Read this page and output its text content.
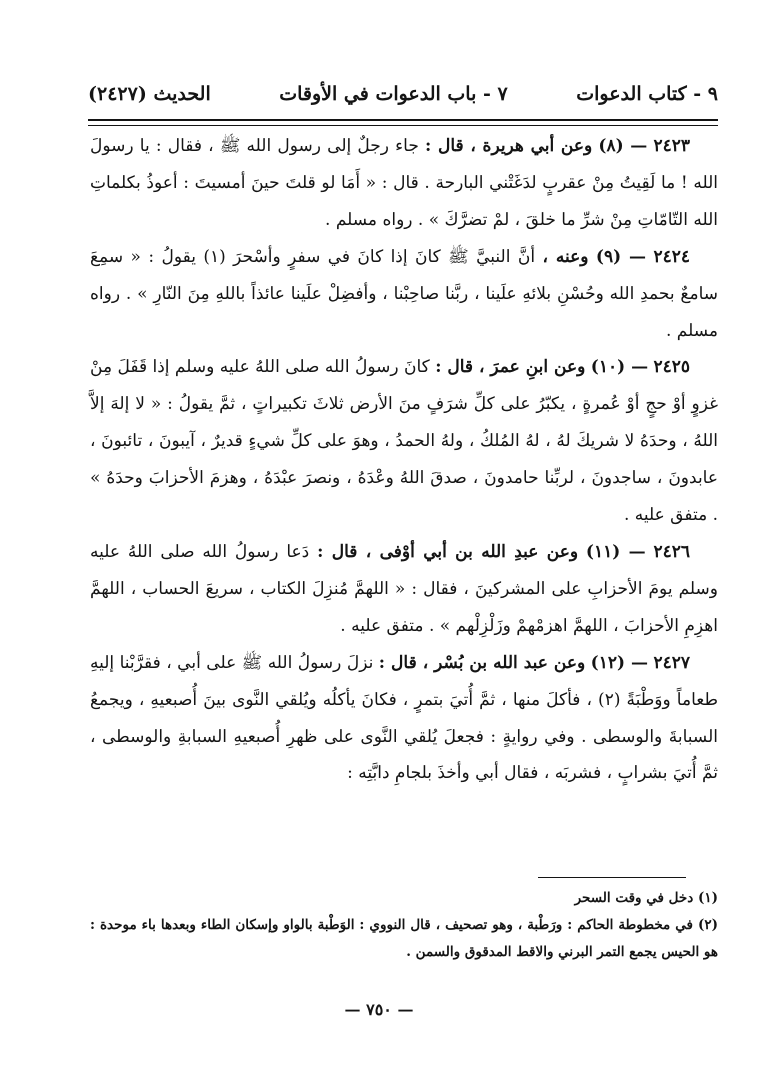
٩ - كتاب الدعوات
٧ - باب الدعوات في الأوقات
الحديث (٢٤٢٧)

٢٤٢٣ — (٨) وعن أبي هريرة ، قال : جاء رجلٌ إلى رسول الله ﷺ ، فقال : يا رسولَ الله ! ما لَقِيتُ مِنْ عقربٍ لدَغَتْني البارحة . قال : « أَمَا لو قلتَ حينَ أمسيتَ : أعوذُ بكلماتِ الله التّامّاتِ مِنْ شرِّ ما خلقَ ، لمْ تضرَّكَ » . رواه مسلم .

٢٤٢٤ — (٩) وعنه ، أنَّ النبيَّ ﷺ كانَ إذا كانَ في سفرٍ وأسْحرَ (١) يقولُ : « سمِعَ سامعٌ بحمدِ الله وحُسْنِ بلائهِ علَينا ، ربَّنا صاحِبْنا ، وأفضِلْ علَينا عائذاً باللهِ مِنَ النّارِ » . رواه مسلم .

٢٤٢٥ — (١٠) وعن ابنِ عمرَ ، قال : كانَ رسولُ الله صلى اللهُ عليه وسلم إذا قَفَلَ مِنْ غزوٍ أوْ حجٍ أوْ عُمرةٍ ، يكبّرُ على كلِّ شرَفٍ منَ الأرض ثلاثَ تكبيراتٍ ، ثمَّ يقولُ : « لا إلهَ إلاَّ اللهُ ، وحدَهُ لا شريكَ لهُ ، لهُ المُلكُ ، ولهُ الحمدُ ، وهوَ على كلِّ شيءٍ قديرٌ ، آيبونَ ، تائبونَ ، عابدونَ ، ساجدونَ ، لربِّنا حامدونَ ، صدقَ اللهُ وعْدَهُ ، ونصرَ عبْدَهُ ، وهزمَ الأحزابَ وحدَهُ » . متفق عليه .

٢٤٢٦ — (١١) وعن عبدِ الله بن أبي أوْفى ، قال : دَعا رسولُ الله صلى اللهُ عليه وسلم يومَ الأحزابِ على المشركينَ ، فقال : « اللهمَّ مُنزِلَ الكتاب ، سريعَ الحساب ، اللهمَّ اهزِمِ الأحزابَ ، اللهمَّ اهزمْهمْ وزَلْزِلْهم » . متفق عليه .

٢٤٢٧ — (١٢) وعن عبد الله بن بُسْر ، قال : نزلَ رسولُ الله ﷺ على أبي ، فقرَّبْنا إليهِ طعاماً ووَطْبَةً (٢) ، فأكلَ منها ، ثمَّ أُتيَ بتمرٍ ، فكانَ يأكلُه ويُلقي النَّوى بينَ أُصبعيهِ ، ويجمعُ السبابةَ والوسطى . وفي روايةٍ : فجعلَ يُلقي النَّوى على ظهرِ أُصبعيهِ السبابةِ والوسطى ، ثمَّ أُتيَ بشرابٍ ، فشربَه ، فقال أبي وأخذَ بلجامِ دابَّتِه :

(١) دخل في وقت السحر

(٢) في مخطوطة الحاكم : ورَطْبة ، وهو تصحيف ، قال النووي : الوَطْبة بالواو وإسكان الطاء وبعدها باء موحدة : هو الحيس يجمع التمر البرني والاقط المدقوق والسمن .

— ٧٥٠ —
